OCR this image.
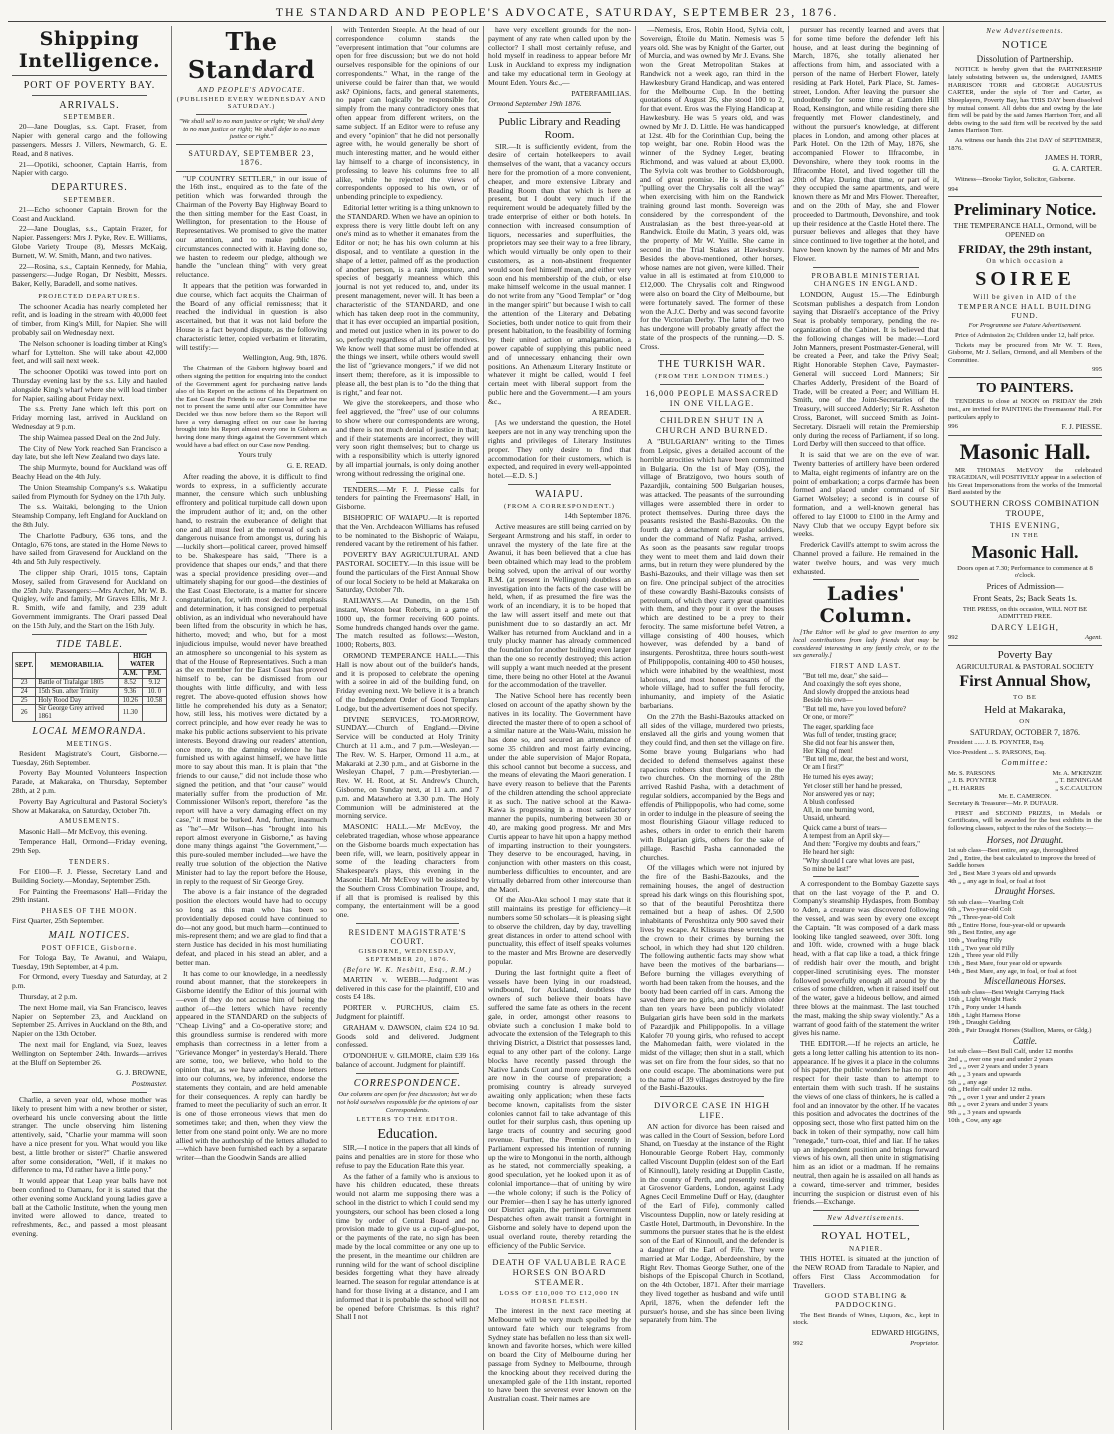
THE STANDARD AND PEOPLE'S ADVOCATE, SATURDAY, SEPTEMBER 23, 1876.
Shipping Intelligence.
PORT OF POVERTY BAY.
ARRIVALS.
SEPTEMBER.

20—Jane Douglas, s.s. Capt. Fraser, from Napier with general cargo and the following passengers. Messrs J. Villers, Newmarch, G. E. Read, and 8 natives.

21—Opotiki, schooner, Captain Harris, from Napier with cargo.

DEPARTURES.
SEPTEMBER.

21—Echo schooner Captain Brown for the Coast and Auckland.

22—Jane Douglas, s.s., Captain Frazer, for Napier. Passengers: Mrs J. Pyke, Rev. E. Williams, Globe Variety Troupe (8), Messrs McKaig, Burnett, W. W. Smith, Mann, and two natives.

22—Rosina, s.s., Captain Kennedy, for Mahia, passengers:—Judge Rogan, Dr Nesbitt, Messrs. Baker, Kelly, Baradell, and some natives.

PROJECTED DEPARTURES.

The schooner Acadia has nearly completed her refit, and is loading in the stream with 40,000 feet of timber, from King's Mill, for Napier. She will probably sail on Wednesday next.

The Nelson schooner is loading timber at King's wharf for Lyttelton. She will take about 42,000 feet, and will sail next week.

The schooner Opotiki was towed into port on Thursday evening last by the s.s. Lily and hauled alongside King's wharf where she will load timber for Napier, sailing about Friday next.

The s.s. Pretty Jane which left this port on Friday morning last, arrived in Auckland on Wednesday at 9 p.m.

The ship Waimea passed Deal on the 2nd July.

The City of New York reached San Francisco a day late, but she left New Zealand two days late.

The ship Murmyte, bound for Auckland was off Beachy Head on the 4th July.

The Union Steamship Company's s.s. Wakatipu sailed from Plymouth for Sydney on the 17th July.

The s.s. Waitaki, belonging to the Union Steamship Company, left England for Auckland on the 8th July.

The Charlotte Padbury, 636 tons, and the Ontaglo, 676 tons, are stated in the Home News to have sailed from Gravesend for Auckland on the 4th and 5th July respectively.

The clipper ship Orari, 1015 tons, Captain Mosey, sailed from Gravesend for Auckland on the 25th July. Passengers:—Mrs Archer, Mr W. B. Quigley, wife and family, Mr Graves Ellis, Mr J. R. Smith, wife and family, and 239 adult Government immigrants. The Orari passed Deal on the 15th July, and the Start on the 16th July.

TIDE TABLE.
SEPT.	MEMORABILIA.	HIGH WATER	
		A.M.	P.M.
23	Battle of Trafalgar 1805	8.52	9.12
24	15th Sun. after Trinity	9.36	10. 0
25	Holy Rood Day	10.26	10.58
26	Sir George Grey arrived 1861	11.30	
LOCAL MEMORANDA.
MEETINGS.

Resident Magistrate's Court, Gisborne.—Tuesday, 26th September.

Poverty Bay Mounted Volunteers Inspection Parade, at Makaraka, on Thursday, September 28th, at 2 p.m.

Poverty Bay Agricultural and Pastoral Society's Show at Makaraka, on Saturday, October 7th.

AMUSEMENTS.

Masonic Hall—Mr McEvoy, this evening.

Temperance Hall, Ormond—Friday evening, 29th Sep.

TENDERS.

For £100—F. J. Piesse, Secretary Land and Building Society.—Monday, September 25th.

For Painting the Freemasons' Hall—Friday the 29th instant.

PHASES OF THE MOON.

First Quarter, 25th September.

MAIL NOTICES.
POST OFFICE, Gisborne.

For Tologa Bay, Te Awanui, and Waiapu, Tuesday, 19th September, at 4 p.m.

For Ormond, every Tuesday and Saturday, at 2 p.m.

Thursday, at 2 p.m.

The next Home mail, via San Francisco, leaves Napier on September 23, and Auckland on September 25. Arrives in Auckland on the 8th, and Napier on the 13th October.

The next mail for England, via Suez, leaves Wellington on September 24th. Inwards—arrives at the Bluff on September 26.

G. J. BROWNE,

Postmaster.

Charlie, a seven year old, whose mother was likely to present him with a new brother or sister, overheard his uncle conversing about the little stranger. The uncle observing him listening attentively, said, "Charlie your mamma will soon have a nice present for you. What would you like best, a little brother or sister?" Charlie answered after some consideration, "Well, if it makes no difference to ma, I'd rather have a little pony."

It would appear that Leap year balls have not been confined to Oamaru, for it is stated that the other evening some Auckland young ladies gave a ball at the Catholic Institute, when the young men invited were allowed to dance, treated to refreshments, &c., and passed a most pleasant evening.

The Standard
AND PEOPLE'S ADVOCATE.
(PUBLISHED EVERY WEDNESDAY AND SATURDAY.)

"We shall sell to no man justice or right; We shall deny to no man justice or right; We shall defer to no man justice or right."

SATURDAY, SEPTEMBER 23, 1876.

"UP COUNTRY SETTLER," in our issue of the 16th inst., enquired as to the fate of the petition which was forwarded through the Chairman of the Poverty Bay Highway Board to the then sitting member for the East Coast, in Wellington, for presentation to the House of Representatives. We promised to give the matter our attention, and to make public the circumstances connected with it. Having done so, we hasten to redeem our pledge, although we handle the "unclean thing" with very great reluctance.

It appears that the petition was forwarded in due course, which fact acquits the Chairman of the Board of any official remissness; that it reached the individual in question is also ascertained, but that it was not laid before the House is a fact beyond dispute, as the following characteristic letter, copied verbatim et literatim, will testify:—

Wellington, Aug. 9th, 1876.

The Chairman of the Gisborn highway board and others signing the petition for enquiring into the conduct of the Government agent for purchasing native lands also of his Report on the actions of his Department on the East Coast the Friends to our Cause here advise me not to present the same until after our Committee have Decided we thus now before them so the Report will have a very damaging effect on our case he having brought into his Report almost every one in Gisborn as having done many things against the Government which would have a bad effect on our Case now Pending.

Yours truly

G. E. READ.

After reading the above, it is difficult to find words to express, in a sufficiently accurate manner, the censure which such unblushing effrontery and political turpitude call down upon the imprudent author of it; and, on the other hand, to restrain the exuberance of delight that one and all must feel at the removal of such a dangerous nuisance from amongst us, during his—luckily short—political career, proved himself to be. Shakespeare has said, "There is a providence that shapes our ends," and that there was a special providence presiding over—and ultimately shaping for our good—the destinies of the East Coast Electorate, is a matter for sincere congratulation, for, with most decided emphasis and determination, it has consigned to perpetual oblivion, as an individual who neverahould have been lifted from the obscurity in which he has, hitherto, moved; and who, but for a most injudicious impulse, would never have breathed an atmosphere so uncongenial to his system as that of the House of Representatives. Such a man as the ex member for the East Coast has proved himself to be, can be dismissed from our thoughts with little difficulty, and with less regret. The above-quoted effusion shows how little he comprehended his duty as a Senator; how, still less, his motives were dictated by a correct principle, and how ever ready he was to make his public actions subservient to his private interests. Beyond drawing our readers' attention, once more, to the damning evidence he has furnished us with against himself, we have little more to say about this man. It is plain that "the friends to our cause," did not include those who signed the petition, and that "our cause" would materially suffer from the production of Mr. Commissioner Wilson's report, therefore "as the report will have a very damaging effect on my case," it must be burked. And, further, inasmuch as "he"—Mr Wilson—has "brought into his report almost everyone in Gisborne," as having done many things against "the Government,"—this pure-souled member included—we have the really true solution of the objection the Native Minister had to lay the report before the House, in reply to the request of Sir George Grey.

The above is a fair instance of the degraded position the electors would have had to occupy so long as this man who has been so providentially deposed could have continued to do—not any good, but much harm—continued to mis-represent them; and we are glad to find that a stern Justice has decided in his most humiliating defeat, and placed in his stead an abler, and a better man.

It has come to our knowledge, in a needlessly round about manner, that the storekeepers in Gisborne identify the Editor of this journal with—even if they do not accuse him of being the author of—the letters which have recently appeared in the STANDARD on the subjects of "Cheap Living" and a Co-operative store; and this groundless surmise is rendered with more emphasis than correctness in a letter from a "Grievance Monger" in yesterday's Herald. There are some, too, we believe, who hold to the opinion that, as we have admitted those letters into our columns, we, by inference, endorse the statements they contain, and are held amenable for their consequences. A reply can hardly be framed to meet the peculiarity of such an error. It is one of those erroneous views that men do sometimes take; and then, when they view the letter from one stand point only. We are no more allied with the authorship of the letters alluded to—which have been furnished each by a separate writer—than the Goodwin Sands are allied

with Tenterden Steeple. At the head of our correspondence column stands the "everpresent intimation that "our columns are open for free discussion; but we do not hold ourselves responsible for the opinions of our correspondents." What, in the range of the universe could be fairer than that, we would ask? Opinions, facts, and general statements, no paper can logically be responsible for, simply from the many contradictory ones that often appear from different writers, on the same subject. If an Editor were to refuse any and every "opinion" that he did not personally agree with, he would generally be short of much interesting matter, and he would either lay himself to a charge of inconsistency, in professing to leave his columns free to all alike, while he rejected the views of correspondents opposed to his own, or of unbending principle to expediency.

Editorial letter writing is a thing unknown to the STANDARD. When we have an opinion to express there is very little doubt left on any one's mind as to whether it emanates from the Editor or not; he has his own column at his disposal, and to ventilate a question in the shape of a letter, palmed off as the production of another person, is a rank imposture, and species of beggarly meanness which this journal is not yet reduced to, and, under its present management, never will. It has been a characteristic of the STANDARD, and one which has taken deep root in the community, that it has ever occupied an impartial position, and meted out justice when in its power to do so, perfectly regardless of all inferior motives. We know well that some must be offended at the things we insert, while others would swell the list of "grievance mongers," if we did not insert them; therefore, as it is impossible to please all, the best plan is to "do the thing that is right," and fear not.

We give the storekeepers, and those who feel aggrieved, the "free" use of our columns to show where our correspondents are wrong, and there is not much denial of justice in that; and if their statements are incorrect, they will very soon right themselves; but to charge us with a responsibility which is utterly ignored by all impartial journals, is only doing another wrong without redressing the original one.

TENDERS.—Mr F. J. Piesse calls for tenders for painting the Freemasons' Hall, in Gisborne.

BISHOPRIC OF WAIAPU.—It is reported that the Ven. Archdeacon Williams has refused to be nominated to the Bishopric of Waiapu, rendered vacant by the retirement of his father.

POVERTY BAY AGRICULTURAL AND PASTORAL SOCIETY.—In this issue will be found the particulars of the First Annual Show of our local Society to be held at Makaraka on Saturday, October 7th.

RAILWAYS.—At Dunedin, on the 15th instant, Weston beat Roberts, in a game of 1000 up, the former receiving 600 points. Some hundreds changed hands over the game. The match resulted as follows:—Weston, 1000; Roberts, 803.

ORMOND TEMPERANCE HALL.—This Hall is now about out of the builder's hands, and it is proposed to celebrate the opening with a soiree in aid of the building fund, on Friday evening next. We believe it is a branch of the Independent Order of Good Templars Lodge, but the advertisement does not specify.

DIVINE SERVICES, TO-MORROW, SUNDAY.—Church of England.—Divine Service will be conducted at Holy Trinity Church at 11 a.m., and 7 p.m.—Wesleyan.—The Rev. W. S. Harper, Ormond 11 a.m., at Makaraki at 2.30 p.m., and at Gisborne in the Wesleyan Chapel, 7 p.m.—Presbyterian.—Rev. W. H. Root, at St. Andrew's Church, Gisborne, on Sunday next, at 11 a.m. and 7 p.m. and Matawhero at 3.30 p.m. The Holy Communion will be administered at the morning service.

MASONIC HALL.—Mr McEvoy, the celebrated tragedian, whose whose appearance on the Gisborne boards much expectation has been rife, will, we learn, positively appear in some of the leading characters from Shakespeare's plays, this evening in the Masonic Hall. Mr McEvoy will be assisted by the Southern Cross Combination Troupe, and, if all that is promised is realised by this company, the entertainment will be a good one.

RESIDENT MAGISTRATE'S COURT.
GISBORNE, WEDNESDAY, SEPTEMBER 20, 1876.
(Before W. K. Nesbitt, Esq., R.M.)

MARTIN v. WEBB.—Judgment was delivered in this case for the plaintiff, £10 and costs £4 18s.

PORTER v. PURCHUS, claim £5. Judgment for plaintiff.

GRAHAM v. DAWSON, claim £24 10 9d. Goods sold and delivered. Judgment confessed.

O'DONOHUE v. GILMORE, claim £39 16s balance of account. Judgment for plaintiff.

CORRESPONDENCE.

Our columns are open for free discussion; but we do not hold ourselves responsible for the opinions of our Correspondents.

LETTERS TO THE EDITOR.
Education.

SIR,—I notice in the papers that all kinds of pains and penalties are in store for those who refuse to pay the Education Rate this year.

As the father of a family who is anxious to have his children educated, these threats would not alarm me supposing there was a school in the district to which I could send my youngsters, our school has been closed a long time by order of Central Board and no provision made to give us a cup-of-glue-pot, or the payments of the rate, no sign has been made by the local committee or any one up to the present, in the meantime our children are running wild for the want of school discipline besides forgetting what they have already learned. The season for regular attendance is at hand for those living at a distance, and I am informed that it is probable the school will not be opened before Christmas. Is this right? Shall I not

have very excellent grounds for the non-payment of any rate when called upon by the collector? I shall most certainly refuse, and hold myself in readiness to appear before Mr Lusk in Auckland to express my indignation and take my educational term in Geology at Mount Eden. Yours &c.,—

PATERFAMILIAS.

Ormond September 19th 1876.

Public Library and Reading Room.

SIR.—It is sufficiently evident, from the desire of certain hotelkeepers to avail themselves of the want, that a vacancy occurs here for the promotion of a more convenient, cheaper, and more extensive Library and Reading Room than that which is here at present, but I doubt very much if the requirement would be adequately filled by the trade enterprise of either or both hotels. In connection with increased consumption of liquors, necessaries and superfluities, the proprietors may see their way to a free library, which would virtually be only open to their customers, as a non-abstinent frequenter would soon feel himself mean, and either very soon end his membership of the club, or else make himself welcome in the usual manner. I do not write from any "Good Templar" or "dog in the manger spirit" but because I wish to call the attention of the Literary and Debating Societies, both under notice to quit from their present habitation, to the feasibility of forming by their united action or amalgamation, a power capable of supplying this public need and of unnecessary enhancing their own positions. An Athenæum Literary Institute or whatever it might be called, would I feel certain meet with liberal support from the public here and the Government.—I am yours &c.,

A READER.

[As we understand the question, the Hotel keepers are not in any way trenching upon the rights and privileges of Literary Institutes proper. They only desire to find that accommodation for their customers, which is expected, and required in every well-appointed hotel.—E.D. S.]

WAIAPU.
(FROM A CORRESPONDENT.)

14th September 1876.

Active measures are still being carried on by Sergeant Armstrong and his staff, in order to unravel the mystery of the late fire at the Awanui, it has been believed that a clue has been obtained which may lead to the problem being solved, upon the arrival of our worthy R.M. (at present in Wellington) doubtless an investigation into the facts of the case will be held, when, if as presumed the fire was the work of an incendiary, it is to be hoped that the law will assert itself and mete out that punishment due to so dastardly an act. Mr Walker has returned from Auckland and in a truly plucky manner has already commenced the foundation for another building even larger than the one so recently destroyed; this action will supply a want much needed at the present time, there being no other Hotel at the Awanui for the accommodation of the traveller.

The Native School here has recently been closed on account of the apathy shown by the natives in its locality. The Government have directed the master there of to open a school of a similar nature at the Waiu-Waiu, mission he has done so, and secured an attendance of some 35 children and most fairly evincing, under the able supervision of Major Ropata, this school cannot but become a success, and the means of elevating the Maori generation. I have every reason to believe that the Parents of the children attending the school appreciate it as such. The native school at the Kawa-Kawa is progressing in a most satisfactory manner the pupils, numbering between 30 or 40, are making good progress. Mr and Mrs Curtis appear to have hit upon a happy method of imparting instruction to their youngsters. They deserve to be encouraged, having, in conjunction with other masters on this coast, numberless difficulties to encounter, and are virtually debarred from other intercourse than the Maori.

Of the Aku-Aku school I may state that it still maintains its prestige for efficiency—it numbers some 50 scholars—it is pleasing sight to observe the children, day by day, travelling great distances in order to attend school with punctuality, this effect of itself speaks volumes to the master and Mrs Browne are deservedly popular.

During the last fortnight quite a fleet of vessels have been lying in our roadstead, windbound, for Auckland, doubtless the owners of such believe their boats have suffered the same fate as others in the recent gale, in order, amongst other reasons to obviate such a conclusion I make bold to advocate the extension of the Telegraph to this thriving District, a District that possesses land, equal to any other part of the colony. Large blocks have recently passed through the Native Lands Court and more extensive deeds are now in the course of preparation; a promising country is already surveyed awaiting only application; when these facts become known, capitalists from the sister colonies cannot fail to take advantage of this outlet for their surplus cash, thus opening up large tracts of country and securing good revenue. Further, the Premier recently in Parliament expressed his intention of running up the wire to Mongonui in the north, although as he stated, not commercially speaking, a good speculation, yet he looked upon it as of colonial importance—that of uniting by wire—the whole colony; if such is the Policy of our Premier—then I say he has utterly ignored our District again, the pertinent Government Despatches often await transit a fortnight in Gisborne and solely have to depend upon the usual overland route, thereby retarding the efficiency of the Public Service.

DEATH OF VALUABLE RACE HORSES ON BOARD STEAMER.
LOSS OF £10,000 TO £12,000 IN HORSE FLESH.

The interest in the next race meeting at Melbourne will be very much spoiled by the untoward fate which our telegrams from Sydney state has befallen no less than six well-known and favorite horses, which were killed on board the City of Melbourne during her passage from Sydney to Melbourne, through the knocking about they received during the unexampled gale of the 11th instant, reported to have been the severest ever known on the Australian coast. Their names are

—Nemesis, Eros, Robin Hood, Sylvia colt, Sovereign, Étoile du Matin. Nemesis was 5 years old. She was by Knight of the Garter, out of Murcia, and was owned by Mr J. Evans. She won the Great Metropolitan Stakes at Randwick not a week ago, ran third in the Hawkesbury Grand Handicap, and was entered for the Melbourne Cup. In the betting quotations of August 26, she stood 100 to 2, for that event. Eros was the Flying Handicap at Hawkesbury. He was 5 years old, and was owned by Mr J. D. Little. He was handicapped at 12st. 4lb for the Corinthian Cup, being the top weight, bar one. Robin Hood was the winner of the Sydney Leger, beating Richmond, and was valued at about £3,000. The Sylvia colt was brother to Goldsborough, and of great promise. He is described as "pulling over the Chrysalis colt all the way" when exercising with him on the Randwick training ground last month. Sovereign was considered by the correspondent of the Australasian as the best three-year-old at Randwick. Étoile du Matin, 3 years old, was the property of Mr W. Yuille. She came in second in the Trial Stakes at Hawkesbury. Besides the above-mentioned, other horses, whose names are not given, were killed. Their value in all is estimated at from £10,000 to £12,000. The Chrysalis colt and Ringwood were also on board the City of Melbourne, but were fortunately saved. The former of these won the A.J.C. Derby and was second favorite for the Victorian Derby. The latter of the two has undergone will probably greatly affect the state of the prospects of the running.—D. S. Cross.

THE TURKISH WAR.
(FROM THE LONDON TIMES.)
16,000 PEOPLE MASSACRED IN ONE VILLAGE.
CHILDREN SHUT IN A CHURCH AND BURNED.

A "BULGARIAN" writing to the Times from Leipsic, gives a detailed account of the horrible atrocities which have been committed in Bulgaria. On the 1st of May (OS), the village of Bratzigovo, two hours south of Pazardjik, containing 500 Bulgarian houses, was attacked. The peasants of the surrounding villages were assembled there in order to protect themselves. During three days the peasants resisted the Bashi-Bazouks. On the fourth day a detachment of regular soldiers, under the command of Nafiz Pasha, arrived. As soon as the peasants saw regular troops they went to meet them and laid down their arms, but in return they were plundered by the Bashi-Bazouks, and their village was then set on fire. One principal subject of the atrocities of these cowardly Bashi-Bazouks consists of petroleum, of which they carry great quantities with them, and they pour it over the houses which are destined to be a prey to their ferocity. The same misfortune befel Vetren, a village consisting of 400 houses, which however, was defended by a band of insurgents. Peroshtitza, three hours south-west of Philippopolis, containing 400 to 450 houses, which were inhabited by the wealthiest, most laborious, and most honest peasants of the whole village, had to suffer the full ferocity, inhumanity, and impiety of the Asiatic barbarians.

On the 27th the Bashi-Bazouks attacked on all sides of the village, murdered two priests, enslaved all the girls and young women that they could find, and then set the village on fire. Some brave young Bulgarians who had decided to defend themselves against these rapacious robbers shut themselves up in the two churches. On the morning of the 28th arrived Rashid Pasha, with a detachment of regular soldiers, accompanied by the Begs and effendis of Philippopolis, who had come, some in order to indulge in the pleasure of seeing the most flourishing Giaour village reduced to ashes, others in order to enrich their harem with Bulgarian girls, others for the sake of pillage. Raschid Pasha cannonaded the churches.

Of the villages which were not injured by the fire of the Bashi-Bazouks, and the remaining houses, the angel of destruction spread his dark wings on this flourishing spot, so that of the beautiful Peroshtitza there remained but a heap of ashes. Of 2,500 inhabitants of Peroshtitza only 900 saved their lives by escape. At Klissura these wretches set the crown to their crimes by burning the school, in which they had shut 120 children. The following authentic facts may show what have been the motives of the barbarians—Before burning the villages everything of worth had been taken from the houses, and the booty had been carried off in cars. Among the saved there are no girls, and no children older than ten years have been publicly violated! Bulgarian girls have been sold in the markets of Pazardjik and Philippopolis. In a village Kalofer 70 young girls, who refused to accept the Mahomedan faith, were violated in the midst of the village; then shut in a stall, which was set on fire from the four sides, so that no one could escape. The abominations were put to the name of 39 villages destroyed by the fire of the Bashi-Bazouks.

DIVORCE CASE IN HIGH LIFE.

AN action for divorce has been raised and was called in the Court of Session, before Lord Shand, on Tuesday at the instance of the Right Honourable George Robert Hay, commonly called Viscount Dupplin (eldest son of the Earl of Kinnoull), lately residing at Dupplin Castle, in the county of Perth, and presently residing at Grosvenor Gardens, London, against Lady Agnes Cecil Emmeline Duff or Hay, (daughter of the Earl of Fife), commonly called Viscountess Dupplin, now or lately residing at Castle Hotel, Dartmouth, in Devonshire. In the summons the pursuer states that he is the eldest son of the Earl of Kinnoull, and the defender is a daughter of the Earl of Fife. They were married at Mar Lodge, Aberdeenshire, by the Right Rev. Thomas George Suther, one of the bishops of the Episcopal Church in Scotland, on the 4th October, 1871. After their marriage they lived together as husband and wife until April, 1876, when the defender left the pursuer's house, and she has since been living separately from him. The

pursuer has recently learned and avers that for some time before the defender left his house, and at least during the beginning of March, 1876, she totally alienated her affections from him, and associated with a person of the name of Herbert Flower, lately residing at Park Hotel, Park Place, St. James-street, London. After leaving the pursuer she undoubtedly for some time at Camden Hill Road, Kensington, and while residing there she frequently met Flower clandestinely, and without the pursuer's knowledge, at different places in London, and among other places at Park Hotel. On the 12th of May, 1876, she accompanied Flower to Ilfracombe, in Devonshire, where they took rooms in the Ilfracombe Hotel, and lived together till the 20th of May. During that time, or part of it, they occupied the same apartments, and were known there as Mr and Mrs Flower. Thereafter, and on the 20th of May, she and Flower proceeded to Dartmouth, Devonshire, and took up their residence at the Castle Hotel there. The pursuer believes and alleges that they have since continued to live together at the hotel, and have been known by the names of Mr and Mrs Flower.

PROBABLE MINISTERIAL CHANGES IN ENGLAND.

LONDON, August 15.—The Edinburgh Scotsman publishes a despatch from London saying that Disraeli's acceptance of the Privy Seat is probably temporary, pending the re-organization of the Cabinet. It is believed that the following changes will be made:—Lord John Manners, present Postmaster-General, will be created a Peer, and take the Privy Seal; Right Honorable Stephen Cave, Paymaster-General will succeed Lord Manners; Sir Charles Adderly, President of the Board of Trade, will be created a Peer; and William H. Smith, one of the Joint-Secretaries of the Treasury, will succeed Adderly; Sir R. Assheton Cross, Baronet, will succeed Smith as Joint-Secretary. Disraeli will retain the Premiership only during the recess of Parliament, if so long. Lord Derby will then succeed to that office.

It is said that we are on the eve of war. Twenty batteries of artillery have been ordered to Malta, eight regiments of infantry are on the point of embarkation; a corps d'armée has been formed and placed under command of Sir Garnet Wolseley; a second is in course of formation, and a well-known general has offered to lay £1000 to £100 in the Army and Navy Club that we occupy Egypt before six weeks.

Frederick Cavill's attempt to swim across the Channel proved a failure. He remained in the water twelve hours, and was very much exhausted.

Ladies' Column.

[The Editor will be glad to give insertion to any local contributions from lady friends that may be considered interesting in any family circle, or to the sex generally.]

FIRST AND LAST.
"But tell me, dear," she said—
And coaxingly the soft eyes shone,
And slowly dropped the anxious head
Beside his own—
"But tell me, have you loved before?
Or one, or more?"
The eager, sparkling face
Was full of tender, trusting grace;
She did not fear his answer then,
Her King of men!
"But tell me, dear, the best and worst,
Or am I first?"
He turned his eyes away;
Yet closer still her hand he pressed,
Nor answered yes or nay;
A blush confessed
All, in one burning word,
Unsaid, unheard.
Quick came a burst of tears—
A tempest from an April sky—
And then: "Forgive my doubts and fears,"
He heard her sigh:
"Why should I care what loves are past,
So mine be last!"

A correspondent to the Bombay Gazette says that on the last voyage of the P. and O. Company's steamship Hydaspes, from Bombay to Aden, a creature was discovered following the vessel, and was seen by every one except the Captain. "It was composed of a dark mass looking like tangled seaweed, over 30ft. long and 10ft. wide, crowned with a huge black head, with a flat cap like a toad, a thick fringe of reddish hair over the mouth, and bright copper-lined scrutinising eyes. The monster followed powerfully enough all around by the crises of some children, when it raised itself out of the water, gave a hideous bellow, and aimed three blows at the mainmast. The last touched the mast, making the ship sway violently." As a warrant of good faith of the statement the writer gives his name.

THE EDITOR.—If he rejects an article, he gets a long letter calling his attention to its non-appearance. If he gives it a place in the columns of his paper, the public wonders he has no more respect for their taste than to attempt to entertain them with such trash. If he sustains the views of one class of thinkers, he is called a fool and an innovator by the other. If he vacates this position and advocates the doctrines of the opposing sect, those who first patted him on the back in token of their sympathy, now call him "renegade," turn-coat, thief and liar. If he takes up an independent position and brings forward views of his own, all then unite in stigmatising him as an idiot or a madman. If he remains neutral, then again he is assailed on all hands as a coward, time-server and trimmer, besides incurring the suspicion or distrust even of his friends.—Exchange.

New Advertisements.
ROYAL HOTEL,
NAPIER.

THIS HOTEL is situated at the junction of the NEW ROAD from Taradale to Napier, and offers First Class Accommodation for Travellers.

GOOD STABLING & PADDOCKING.

The Best Brands of Wines, Liquors, &c., kept in stock.

EDWARD HIGGINS,

992	Proprietor.
New Advertisements.
NOTICE
Dissolution of Partnership.

NOTICE is hereby given that the PARTNERSHIP lately subsisting between us, the undersigned, JAMES HARRISON TORR and GEORGE AUGUSTUS CARTER, under the style of Torr and Carter, as Shoeplayers, Poverty Bay, has THIS DAY been dissolved by mutual consent. All debts due and owing by the late firm will be paid by the said James Harrison Torr, and all debts owing to the said firm will be received by the said James Harrison Torr.

As witness our hands this 21st DAY of SEPTEMBER, 1876.

JAMES H. TORR,

G. A. CARTER.

Witness—Brooke Taylor, Solicitor, Gisborne.

994

Preliminary Notice.

THE TEMPERANCE HALL, Ormond, will be OPENED on

FRIDAY, the 29th instant,
On which occasion a
SOIREE
Will be given in AID of the
TEMPERANCE HALL BUILDING FUND.

For Programme see Future Advertisement.

Price of Admission 2s; Children under 12, half price.

Tickets may be procured from Mr W. T. Rees, Gisborne, Mr J. Sellars, Ormond, and all Members of the Committee.

995

TO PAINTERS.

TENDERS to close at NOON on FRIDAY the 29th inst., are invited for PAINTING the Freemasons' Hall. For particulars apply to

996	F. J. PIESSE.
Masonic Hall.

MR THOMAS McEVOY the celebrated TRAGEDIAN, will POSITIVELY appear in a selection of his Great Impersonations from the works of the Immortal Bard assisted by the

SOUTHERN CROSS COMBINATION TROUPE,
THIS EVENING,
IN THE
Masonic Hall.

Doors open at 7.30; Performance to commence at 8 o'clock.

Prices of Admission—
Front Seats, 2s; Back Seats 1s.

THE PRESS, on this occasion, WILL NOT BE ADMITTED FREE.

DARCY LEIGH,
992	Agent.
Poverty Bay
AGRICULTURAL & PASTORAL SOCIETY
First Annual Show,
TO BE
Held at Makaraka,
ON
SATURDAY, OCTOBER 7, 1876.

President ...... J. B. POYNTER, Esq.

Vice-President ... S. PARSONS, Esq.

Committee:
Mr. S. PARSONS	Mr. A. M'KENZIE
„ J. B. POYNTER	„ T. BENINGAM
„ H. HARRIS	„ S.C.CAULTON
Mr. E. CAMERON.

Secretary & Treasurer—Mr. P. DUFAUR.

FIRST and SECOND PRIZES, in Medals or Certificates, will be awarded for the best exhibits in the following classes, subject to the rules of the Society:—

Horses, not Draught.
1st sub class—Best entire, any age, thoroughbred
2nd „ Entire, the best calculated to improve the breed of Saddle horses
3rd „ Best Mare 3 years old and upwards
4th „ „ any age in foal, or foal at foot
Draught Horses.
5th sub class—Yearling Colt
6th „ Two-year-old Colt
7th „ Three-year-old Colt
8th „ Entire Horse, four-year-old or upwards
9th „ Best Entire, any age
10th „ Yearling Filly
11th „ Two year old Filly
12th „ Three year old Filly
13th „ Best Mare, four year old or upwards
14th „ Best Mare, any age, in foal, or foal at foot
Miscellaneous Horses.
15th sub class—Best Weight Carrying Hack
16th „ Light Weight Hack
17th „ Pony under 14 hands
18th „ Light Harness Horse
19th „ Draught Gelding
20th „ Pair Draught Horses (Stallion, Mares, or Gldg.)
Cattle.
1st sub class—Best Bull Calf, under 12 months
2nd „ „ over one year and under 2 years
3rd „ „ over 2 years and under 3 years
4th „ „ 3 years and upwards
5th „ „ any age
6th „ Heifer calf under 12 mths.
7th „ „ over 1 year and under 2 years
8th „ „ over 2 years and under 3 years
9th „ „ 3 years and upwards
10th „ Cow, any age
